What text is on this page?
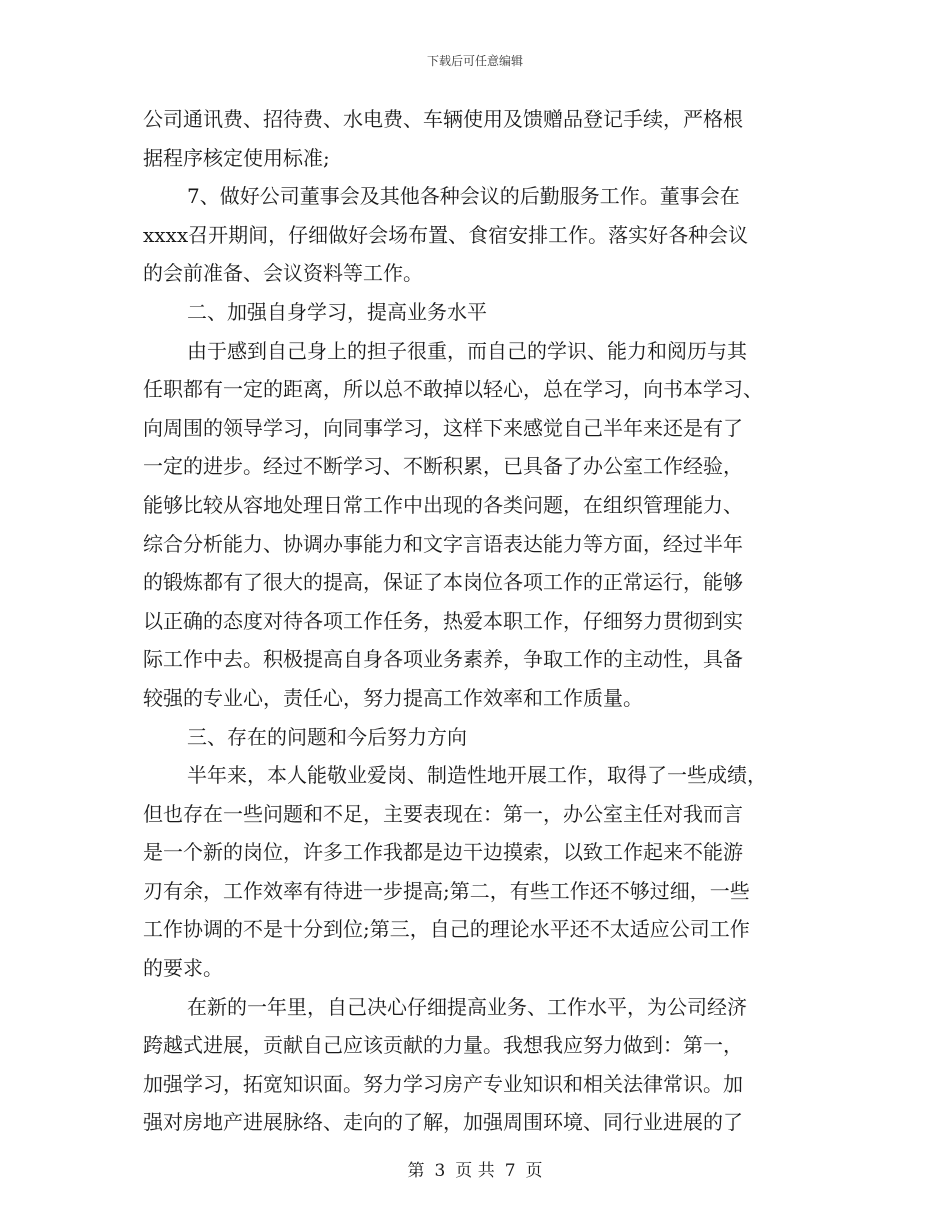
下载后可任意编辑
公司通讯费、招待费、水电费、车辆使用及馈赠品登记手续，严格根
据程序核定使用标准;
7、做好公司董事会及其他各种会议的后勤服务工作。董事会在
xxxx召开期间，仔细做好会场布置、食宿安排工作。落实好各种会议
的会前准备、会议资料等工作。
二、加强自身学习，提高业务水平
由于感到自己身上的担子很重，而自己的学识、能力和阅历与其
任职都有一定的距离，所以总不敢掉以轻心，总在学习，向书本学习、
向周围的领导学习，向同事学习，这样下来感觉自己半年来还是有了
一定的进步。经过不断学习、不断积累，已具备了办公室工作经验，
能够比较从容地处理日常工作中出现的各类问题，在组织管理能力、
综合分析能力、协调办事能力和文字言语表达能力等方面，经过半年
的锻炼都有了很大的提高，保证了本岗位各项工作的正常运行，能够
以正确的态度对待各项工作任务，热爱本职工作，仔细努力贯彻到实
际工作中去。积极提高自身各项业务素养，争取工作的主动性，具备
较强的专业心，责任心，努力提高工作效率和工作质量。
三、存在的问题和今后努力方向
半年来，本人能敬业爱岗、制造性地开展工作，取得了一些成绩，
但也存在一些问题和不足，主要表现在：第一，办公室主任对我而言
是一个新的岗位，许多工作我都是边干边摸索，以致工作起来不能游
刃有余，工作效率有待进一步提高;第二，有些工作还不够过细，一些
工作协调的不是十分到位;第三，自己的理论水平还不太适应公司工作
的要求。
在新的一年里，自己决心仔细提高业务、工作水平，为公司经济
跨越式进展，贡献自己应该贡献的力量。我想我应努力做到：第一，
加强学习，拓宽知识面。努力学习房产专业知识和相关法律常识。加
强对房地产进展脉络、走向的了解，加强周围环境、同行业进展的了
第 3 页 共 7 页
